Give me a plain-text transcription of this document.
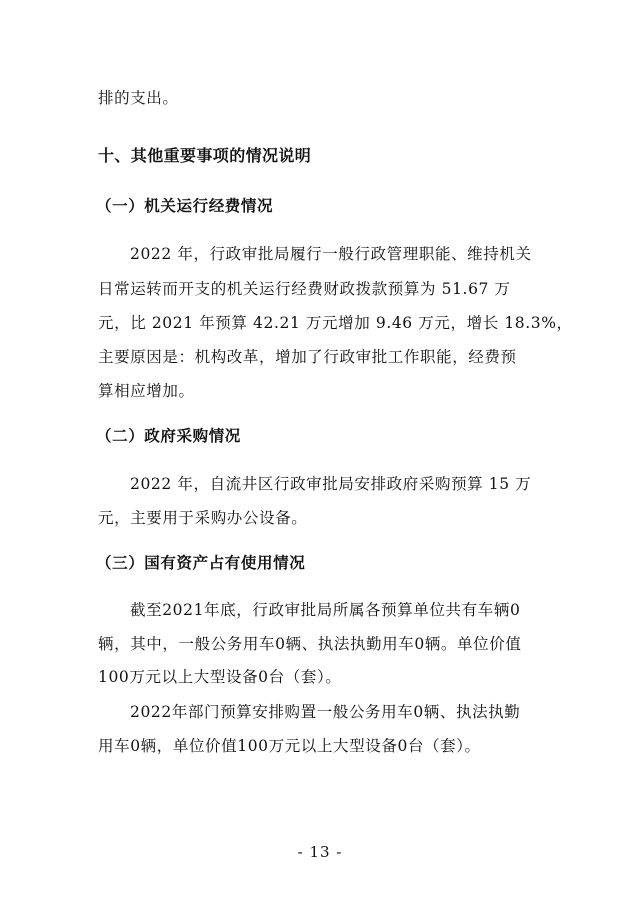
排的支出。
十、其他重要事项的情况说明
（一）机关运行经费情况
2022 年，行政审批局履行一般行政管理职能、维持机关
日常运转而开支的机关运行经费财政拨款预算为 51.67 万
元，比 2021 年预算 42.21 万元增加 9.46 万元，增长 18.3%，
主要原因是：机构改革，增加了行政审批工作职能，经费预
算相应增加。
（二）政府采购情况
2022 年，自流井区行政审批局安排政府采购预算 15 万
元，主要用于采购办公设备。
（三）国有资产占有使用情况
截至2021年底，行政审批局所属各预算单位共有车辆0
辆，其中，一般公务用车0辆、执法执勤用车0辆。单位价值
100万元以上大型设备0台（套）。
2022年部门预算安排购置一般公务用车0辆、执法执勤
用车0辆，单位价值100万元以上大型设备0台（套）。
- 13 -
